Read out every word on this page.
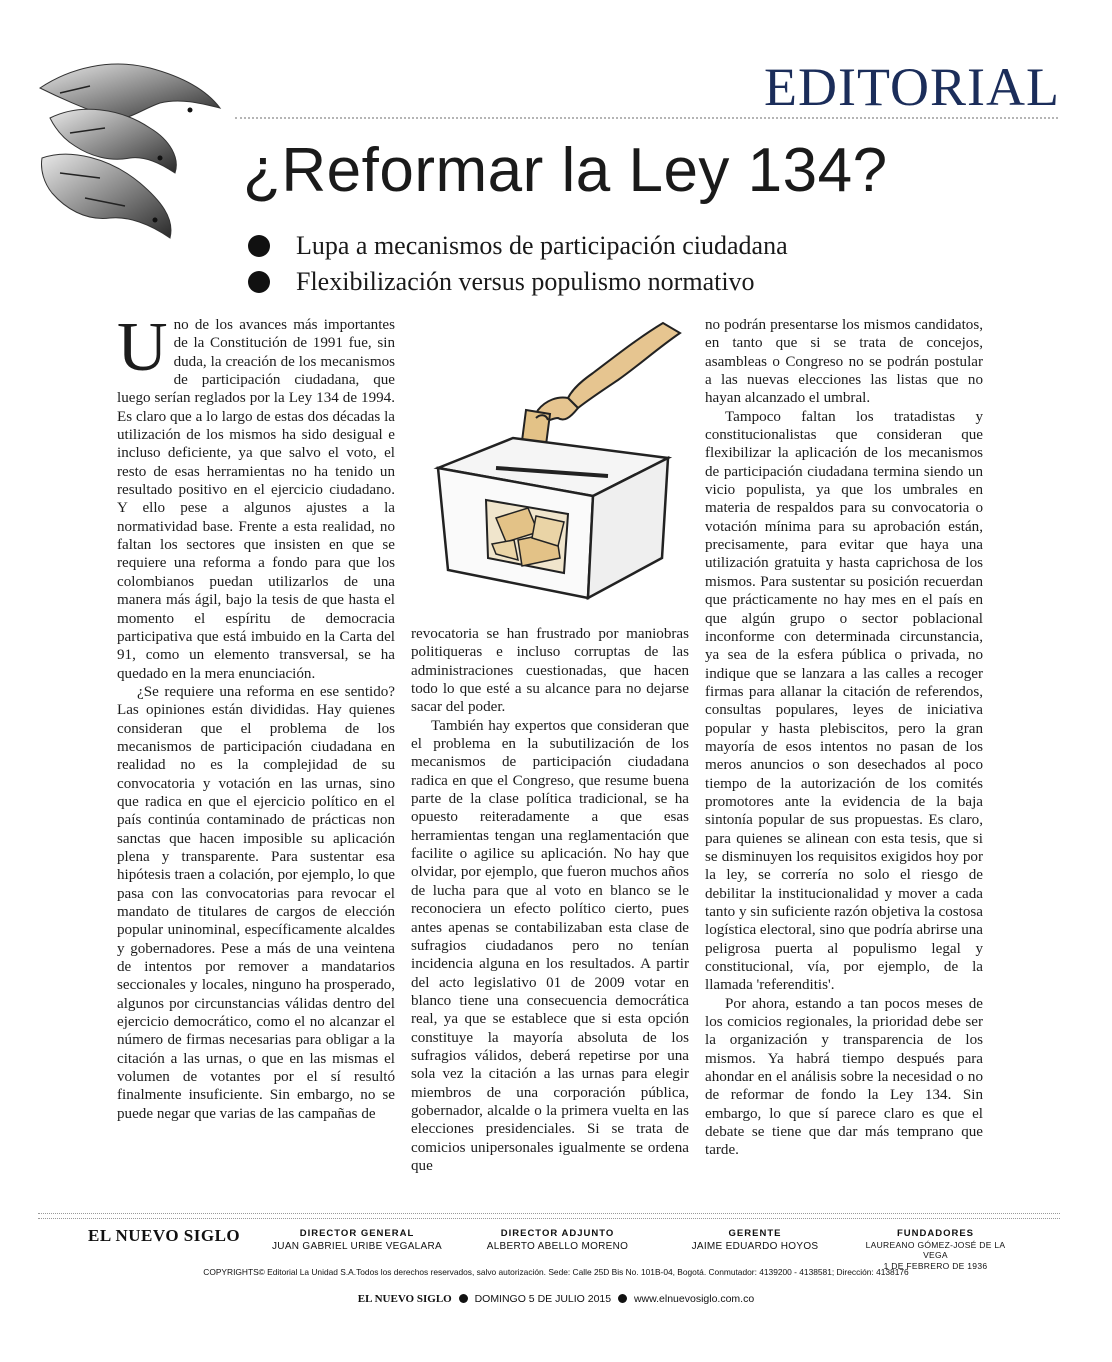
EDITORIAL
¿Reformar la Ley 134?
Lupa a mecanismos de participación ciudadana
Flexibilización versus populismo normativo

Uno de los avances más importantes de la Constitución de 1991 fue, sin duda, la creación de los mecanismos de participación ciudadana, que luego serían reglados por la Ley 134 de 1994. Es claro que a lo largo de estas dos décadas la utilización de los mismos ha sido desigual e incluso deficiente, ya que salvo el voto, el resto de esas herramientas no ha tenido un resultado positivo en el ejercicio ciudadano. Y ello pese a algunos ajustes a la normatividad base. Frente a esta realidad, no faltan los sectores que insisten en que se requiere una reforma a fondo para que los colombianos puedan utilizarlos de una manera más ágil, bajo la tesis de que hasta el momento el espíritu de democracia participativa que está imbuido en la Carta del 91, como un elemento transversal, se ha quedado en la mera enunciación.

¿Se requiere una reforma en ese sentido? Las opiniones están divididas. Hay quienes consideran que el problema de los mecanismos de participación ciudadana en realidad no es la complejidad de su convocatoria y votación en las urnas, sino que radica en que el ejercicio político en el país continúa contaminado de prácticas non sanctas que hacen imposible su aplicación plena y transparente. Para sustentar esa hipótesis traen a colación, por ejemplo, lo que pasa con las convocatorias para revocar el mandato de titulares de cargos de elección popular uninominal, específicamente alcaldes y gobernadores. Pese a más de una veintena de intentos por remover a mandatarios seccionales y locales, ninguno ha prosperado, algunos por circunstancias válidas dentro del ejercicio democrático, como el no alcanzar el número de firmas necesarias para obligar a la citación a las urnas, o que en las mismas el volumen de votantes por el sí resultó finalmente insuficiente. Sin embargo, no se puede negar que varias de las campañas de

revocatoria se han frustrado por maniobras politiqueras e incluso corruptas de las administraciones cuestionadas, que hacen todo lo que esté a su alcance para no dejarse sacar del poder.

También hay expertos que consideran que el problema en la subutilización de los mecanismos de participación ciudadana radica en que el Congreso, que resume buena parte de la clase política tradicional, se ha opuesto reiteradamente a que esas herramientas tengan una reglamentación que facilite o agilice su aplicación. No hay que olvidar, por ejemplo, que fueron muchos años de lucha para que al voto en blanco se le reconociera un efecto político cierto, pues antes apenas se contabilizaban esta clase de sufragios ciudadanos pero no tenían incidencia alguna en los resultados. A partir del acto legislativo 01 de 2009 votar en blanco tiene una consecuencia democrática real, ya que se establece que si esta opción constituye la mayoría absoluta de los sufragios válidos, deberá repetirse por una sola vez la citación a las urnas para elegir miembros de una corporación pública, gobernador, alcalde o la primera vuelta en las elecciones presidenciales. Si se trata de comicios unipersonales igualmente se ordena que

no podrán presentarse los mismos candidatos, en tanto que si se trata de concejos, asambleas o Congreso no se podrán postular a las nuevas elecciones las listas que no hayan alcanzado el umbral.

Tampoco faltan los tratadistas y constitucionalistas que consideran que flexibilizar la aplicación de los mecanismos de participación ciudadana termina siendo un vicio populista, ya que los umbrales en materia de respaldos para su convocatoria o votación mínima para su aprobación están, precisamente, para evitar que haya una utilización gratuita y hasta caprichosa de los mismos. Para sustentar su posición recuerdan que prácticamente no hay mes en el país en que algún grupo o sector poblacional inconforme con determinada circunstancia, ya sea de la esfera pública o privada, no indique que se lanzara a las calles a recoger firmas para allanar la citación de referendos, consultas populares, leyes de iniciativa popular y hasta plebiscitos, pero la gran mayoría de esos intentos no pasan de los meros anuncios o son desechados al poco tiempo de la autorización de los comités promotores ante la evidencia de la baja sintonía popular de sus propuestas. Es claro, para quienes se alinean con esta tesis, que si se disminuyen los requisitos exigidos hoy por la ley, se correría no solo el riesgo de debilitar la institucionalidad y mover a cada tanto y sin suficiente razón objetiva la costosa logística electoral, sino que podría abrirse una peligrosa puerta al populismo legal y constitucional, vía, por ejemplo, de la llamada 'referenditis'.

Por ahora, estando a tan pocos meses de los comicios regionales, la prioridad debe ser la organización y transparencia de los mismos. Ya habrá tiempo después para ahondar en el análisis sobre la necesidad o no de reformar de fondo la Ley 134. Sin embargo, lo que sí parece claro es que el debate se tiene que dar más temprano que tarde.

EL NUEVO SIGLO	DIRECTOR GENERAL
JUAN GABRIEL URIBE VEGALARA
DIRECTOR ADJUNTO
ALBERTO ABELLO MORENO
GERENTE
JAIME EDUARDO HOYOS
FUNDADORES
LAUREANO GÓMEZ-JOSÉ DE LA VEGA
1 DE FEBRERO DE 1936
COPYRIGHTS© Editorial La Unidad S.A.Todos los derechos reservados, salvo autorización. Sede: Calle 25D Bis No. 101B-04, Bogotá. Conmutador: 4139200 - 4138581; Dirección: 4138176
EL NUEVO SIGLO DOMINGO 5 DE JULIO 2015 www.elnuevosiglo.com.co
